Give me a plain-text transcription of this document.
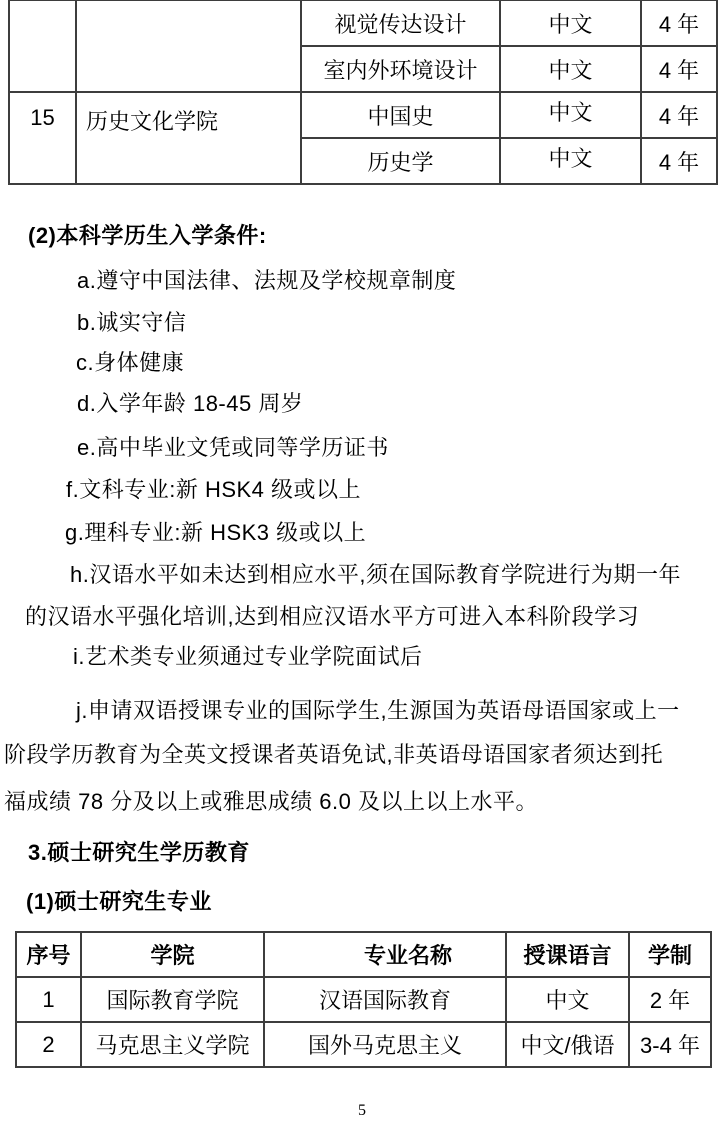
		视觉传达设计	中文	4 年
		室内外环境设计	中文	4 年
15	历史文化学院	中国史	中文	4 年
		历史学	中文	4 年
(2)本科学历生入学条件:
a.遵守中国法律、法规及学校规章制度
b.诚实守信
c.身体健康
d.入学年龄 18-45 周岁
e.高中毕业文凭或同等学历证书
f.文科专业:新 HSK4 级或以上
g.理科专业:新 HSK3 级或以上
h.汉语水平如未达到相应水平,须在国际教育学院进行为期一年
的汉语水平强化培训,达到相应汉语水平方可进入本科阶段学习
i.艺术类专业须通过专业学院面试后
j.申请双语授课专业的国际学生,生源国为英语母语国家或上一
阶段学历教育为全英文授课者英语免试,非英语母语国家者须达到托
福成绩 78 分及以上或雅思成绩 6.0 及以上以上水平。
3.硕士研究生学历教育
(1)硕士研究生专业
序号	学院	专业名称	授课语言	学制
1	国际教育学院	汉语国际教育	中文	2 年
2	马克思主义学院	国外马克思主义	中文/俄语	3-4 年
5
